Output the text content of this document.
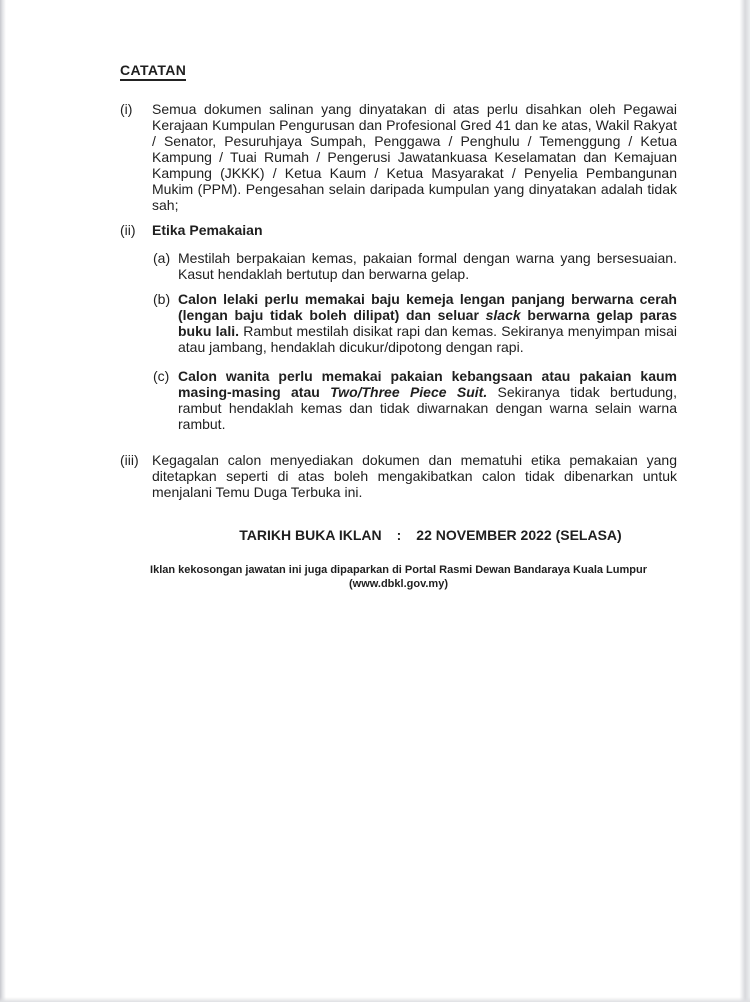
CATATAN
(i)	Semua dokumen salinan yang dinyatakan di atas perlu disahkan oleh Pegawai Kerajaan Kumpulan Pengurusan dan Profesional Gred 41 dan ke atas, Wakil Rakyat / Senator, Pesuruhjaya Sumpah, Penggawa / Penghulu / Temenggung / Ketua Kampung / Tuai Rumah / Pengerusi Jawatankuasa Keselamatan dan Kemajuan Kampung (JKKK) / Ketua Kaum / Ketua Masyarakat / Penyelia Pembangunan Mukim (PPM). Pengesahan selain daripada kumpulan yang dinyatakan adalah tidak sah;
(ii)	Etika Pemakaian
(a) Mestilah berpakaian kemas, pakaian formal dengan warna yang bersesuaian. Kasut hendaklah bertutup dan berwarna gelap.
(b) Calon lelaki perlu memakai baju kemeja lengan panjang berwarna cerah (lengan baju tidak boleh dilipat) dan seluar slack berwarna gelap paras buku lali. Rambut mestilah disikat rapi dan kemas. Sekiranya menyimpan misai atau jambang, hendaklah dicukur/dipotong dengan rapi.
(c) Calon wanita perlu memakai pakaian kebangsaan atau pakaian kaum masing-masing atau Two/Three Piece Suit. Sekiranya tidak bertudung, rambut hendaklah kemas dan tidak diwarnakan dengan warna selain warna rambut.
(iii) Kegagalan calon menyediakan dokumen dan mematuhi etika pemakaian yang ditetapkan seperti di atas boleh mengakibatkan calon tidak dibenarkan untuk menjalani Temu Duga Terbuka ini.
TARIKH BUKA IKLAN : 22 NOVEMBER 2022 (SELASA)
Iklan kekosongan jawatan ini juga dipaparkan di Portal Rasmi Dewan Bandaraya Kuala Lumpur
(www.dbkl.gov.my)
